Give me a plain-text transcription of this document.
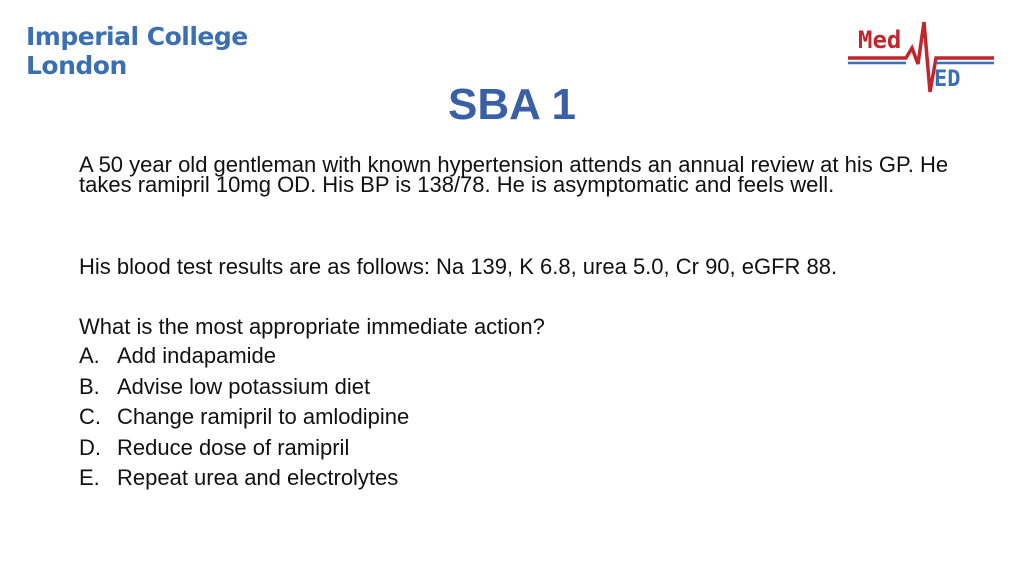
Imperial College
London
Med
ED
SBA 1

A 50 year old gentleman with known hypertension attends an annual review at his GP. He takes ramipril 10mg OD. His BP is 138/78. He is asymptomatic and feels well.

His blood test results are as follows: Na 139, K 6.8, urea 5.0, Cr 90, eGFR 88.

What is the most appropriate immediate action?

A. Add indapamide
B. Advise low potassium diet
C. Change ramipril to amlodipine
D. Reduce dose of ramipril
E. Repeat urea and electrolytes
